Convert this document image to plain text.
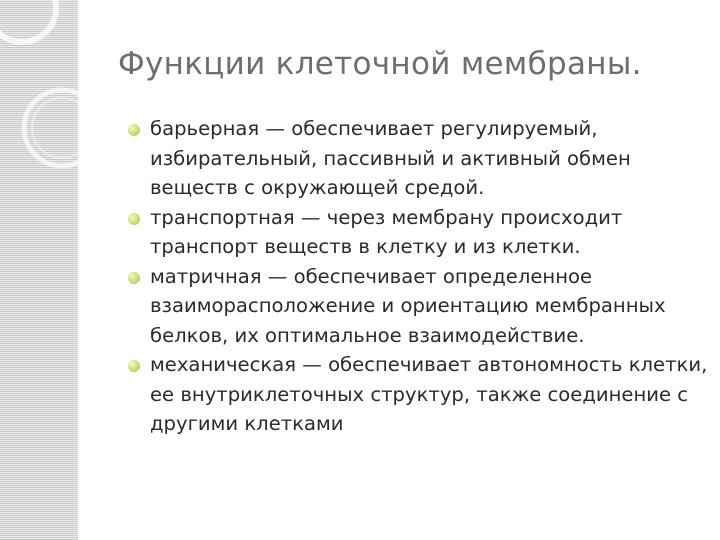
Функции клеточной мембраны.
барьерная — обеспечивает регулируемый, избирательный, пассивный и активный обмен веществ с окружающей средой.
транспортная — через мембрану происходит транспорт веществ в клетку и из клетки.
матричная — обеспечивает определенное взаиморасположение и ориентацию мембранных белков, их оптимальное взаимодействие.
механическая — обеспечивает автономность клетки, ее внутриклеточных структур, также соединение с другими клетками
